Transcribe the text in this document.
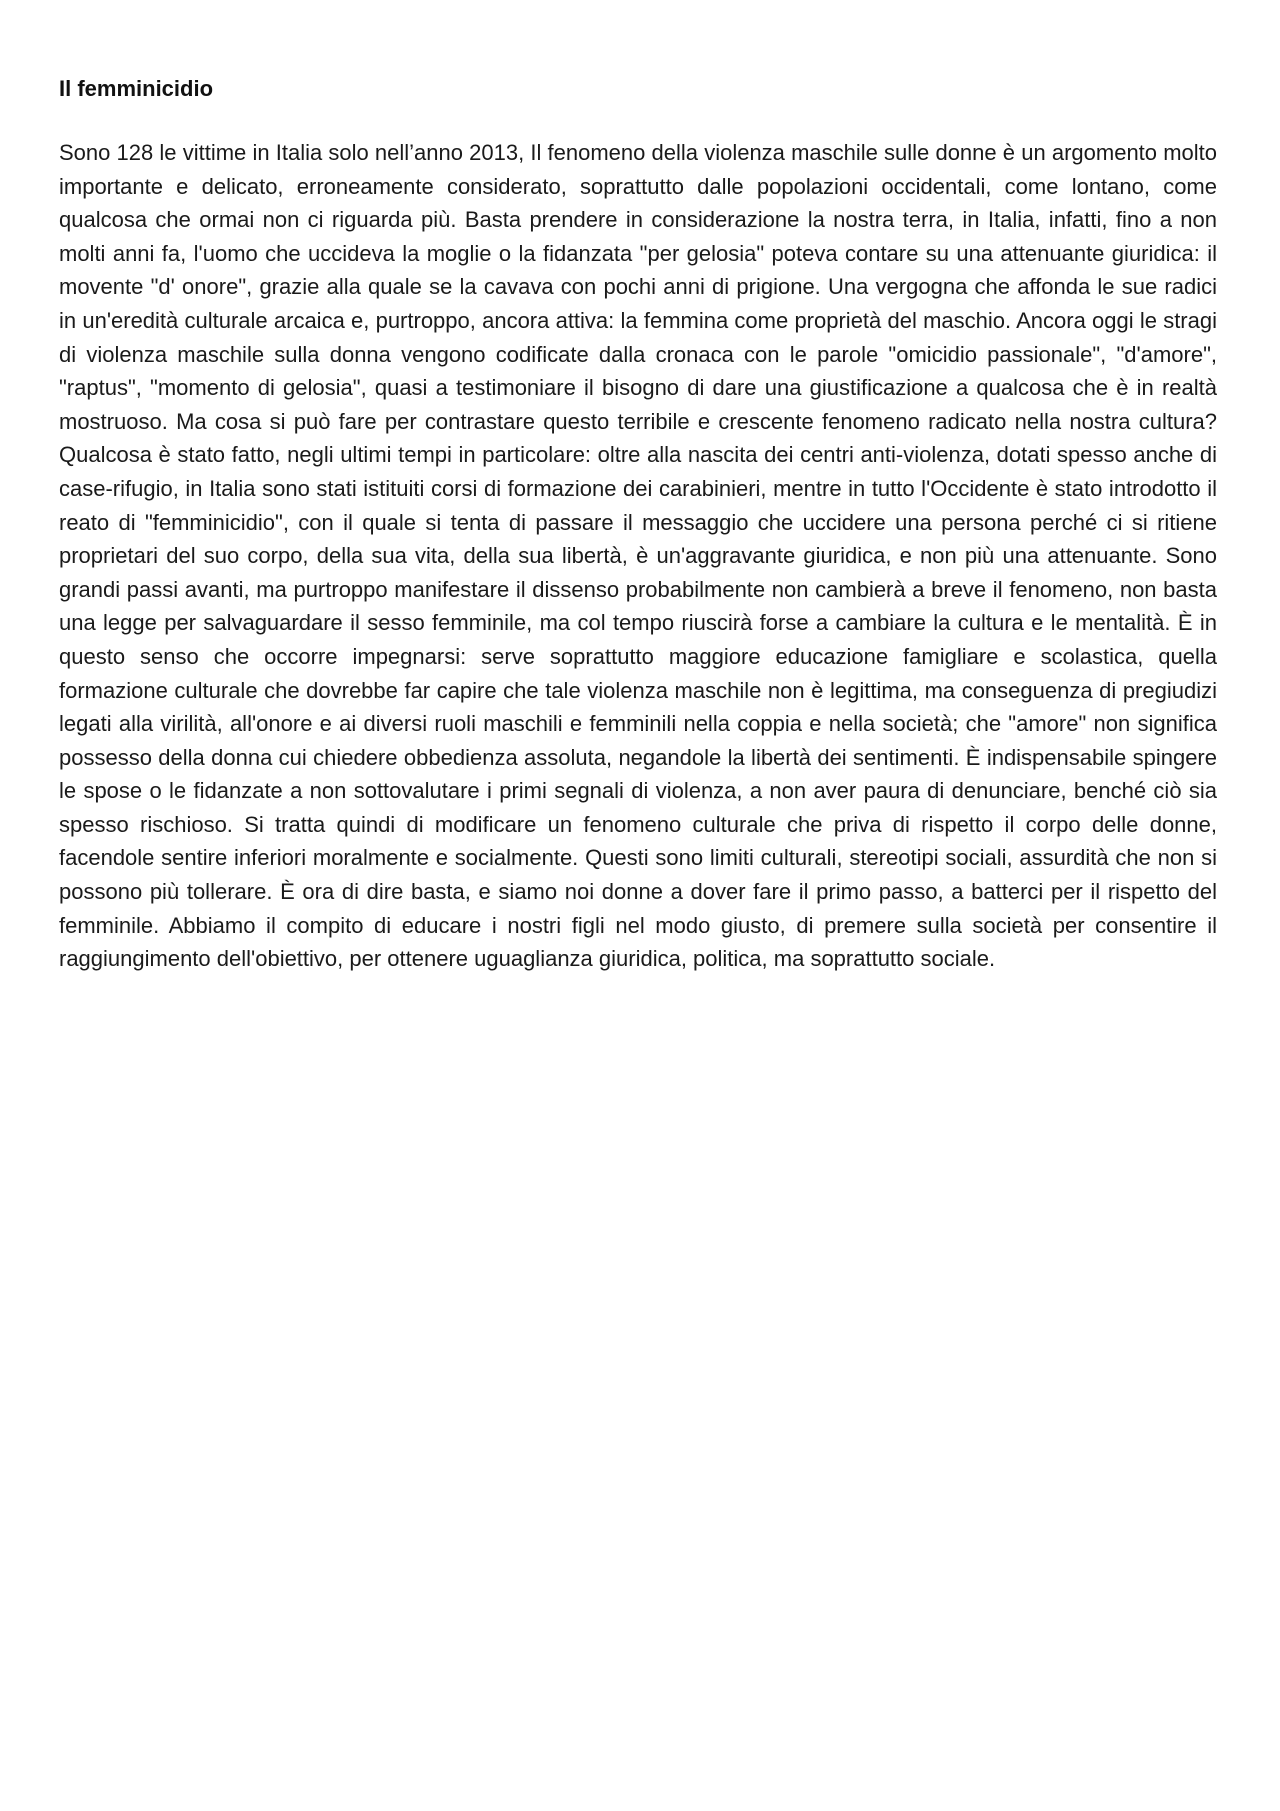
Il femminicidio

Sono 128 le vittime in Italia solo nell’anno 2013, Il fenomeno della violenza maschile sulle donne è un argomento molto importante e delicato, erroneamente considerato, soprattutto dalle popolazioni occidentali, come lontano, come qualcosa che ormai non ci riguarda più. Basta prendere in considerazione la nostra terra, in Italia, infatti, fino a non molti anni fa, l'uomo che uccideva la moglie o la fidanzata "per gelosia" poteva contare su una attenuante giuridica: il movente "d' onore", grazie alla quale se la cavava con pochi anni di prigione. Una vergogna che affonda le sue radici in un'eredità culturale arcaica e, purtroppo, ancora attiva: la femmina come proprietà del maschio. Ancora oggi le stragi di violenza maschile sulla donna vengono codificate dalla cronaca con le parole "omicidio passionale", "d'amore", "raptus", "momento di gelosia", quasi a testimoniare il bisogno di dare una giustificazione a qualcosa che è in realtà mostruoso. Ma cosa si può fare per contrastare questo terribile e crescente fenomeno radicato nella nostra cultura? Qualcosa è stato fatto, negli ultimi tempi in particolare: oltre alla nascita dei centri anti-violenza, dotati spesso anche di case-rifugio, in Italia sono stati istituiti corsi di formazione dei carabinieri, mentre in tutto l'Occidente è stato introdotto il reato di "femminicidio", con il quale si tenta di passare il messaggio che uccidere una persona perché ci si ritiene proprietari del suo corpo, della sua vita, della sua libertà, è un'aggravante giuridica, e non più una attenuante. Sono grandi passi avanti, ma purtroppo manifestare il dissenso probabilmente non cambierà a breve il fenomeno, non basta una legge per salvaguardare il sesso femminile, ma col tempo riuscirà forse a cambiare la cultura e le mentalità. È in questo senso che occorre impegnarsi: serve soprattutto maggiore educazione famigliare e scolastica, quella formazione culturale che dovrebbe far capire che tale violenza maschile non è legittima, ma conseguenza di pregiudizi legati alla virilità, all'onore e ai diversi ruoli maschili e femminili nella coppia e nella società; che "amore" non significa possesso della donna cui chiedere obbedienza assoluta, negandole la libertà dei sentimenti. È indispensabile spingere le spose o le fidanzate a non sottovalutare i primi segnali di violenza, a non aver paura di denunciare, benché ciò sia spesso rischioso. Si tratta quindi di modificare un fenomeno culturale che priva di rispetto il corpo delle donne, facendole sentire inferiori moralmente e socialmente. Questi sono limiti culturali, stereotipi sociali, assurdità che non si possono più tollerare. È ora di dire basta, e siamo noi donne a dover fare il primo passo, a batterci per il rispetto del femminile. Abbiamo il compito di educare i nostri figli nel modo giusto, di premere sulla società per consentire il raggiungimento dell'obiettivo, per ottenere uguaglianza giuridica, politica, ma soprattutto sociale.
